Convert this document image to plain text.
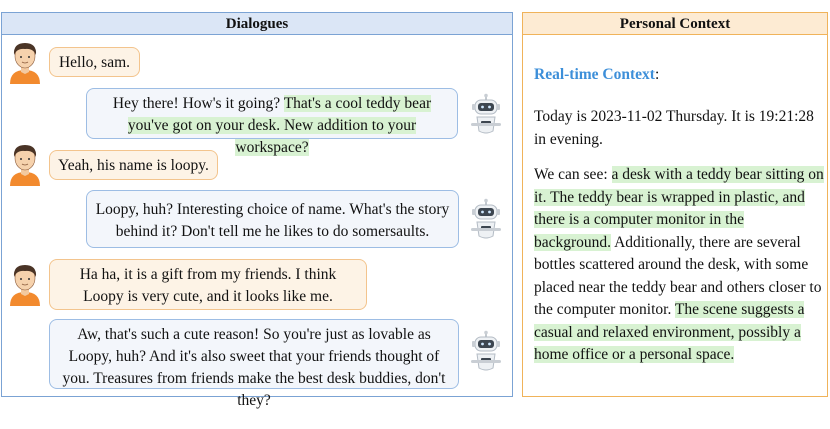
Dialogues	Personal Context
Hello, sam.
Hey there! How's it going? That's a cool teddy bear you've got on your desk. New addition to your workspace?
Yeah, his name is loopy.
Loopy, huh? Interesting choice of name. What's the story behind it? Don't tell me he likes to do somersaults.
Ha ha, it is a gift from my friends. I think Loopy is very cute, and it looks like me.
Aw, that's such a cute reason! So you're just as lovable as Loopy, huh? And it's also sweet that your friends thought of you. Treasures from friends make the best desk buddies, don't they?

Real-time Context:

Today is 2023-11-02 Thursday. It is 19:21:28 in evening.

We can see: a desk with a teddy bear sitting on it. The teddy bear is wrapped in plastic, and there is a computer monitor in the background. Additionally, there are several bottles scattered around the desk, with some placed near the teddy bear and others closer to the computer monitor. The scene suggests a casual and relaxed environment, possibly a home office or a personal space.
